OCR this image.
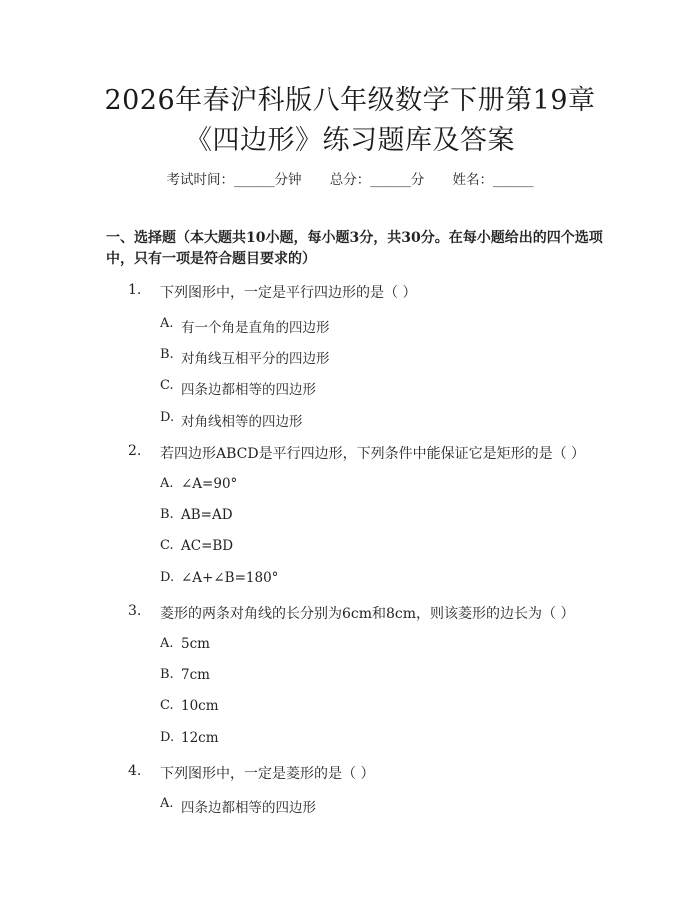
2026年春沪科版八年级数学下册第19章
《四边形》练习题库及答案
考试时间：______分钟 总分：______分 姓名：______
一、选择题（本大题共10小题，每小题3分，共30分。在每小题给出的四个选项中，只有一项是符合题目要求的）
1. 下列图形中，一定是平行四边形的是（ ）
A. 有一个角是直角的四边形
B. 对角线互相平分的四边形
C. 四条边都相等的四边形
D. 对角线相等的四边形
2. 若四边形ABCD是平行四边形，下列条件中能保证它是矩形的是（ ）
A. ∠A=90°
B. AB=AD
C. AC=BD
D. ∠A+∠B=180°
3. 菱形的两条对角线的长分别为6cm和8cm，则该菱形的边长为（ ）
A. 5cm
B. 7cm
C. 10cm
D. 12cm
4. 下列图形中，一定是菱形的是（ ）
A. 四条边都相等的四边形
